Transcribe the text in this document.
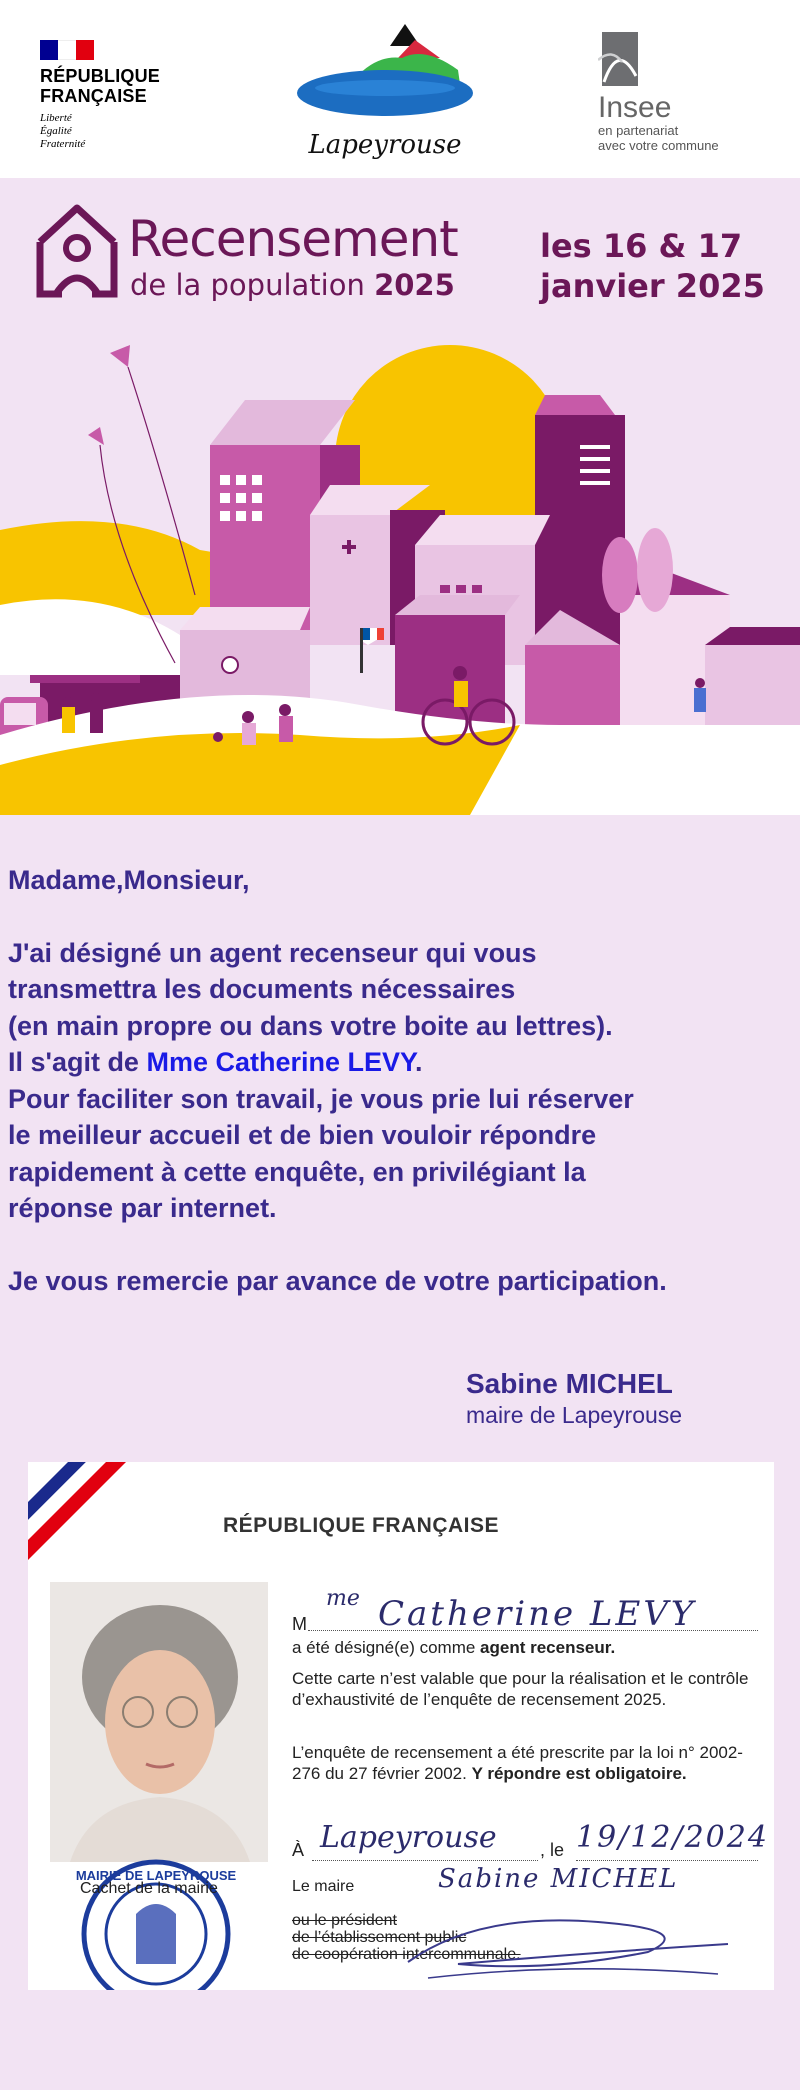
RÉPUBLIQUE
FRANÇAISE
Liberté
Égalité
Fraternité	Lapeyrouse
Insee
en partenariat
avec votre commune
Recensement
de la population 2025
les 16 & 17
janvier 2025

Madame,Monsieur,

J'ai désigné un agent recenseur qui vous

transmettra les documents nécessaires

(en main propre ou dans votre boite au lettres).

Il s'agit de Mme Catherine LEVY.

Pour faciliter son travail, je vous prie lui réserver

le meilleur accueil et de bien vouloir répondre

rapidement à cette enquête, en privilégiant la

réponse par internet.

Je vous remercie par avance de votre participation.

Sabine MICHEL
maire de Lapeyrouse
RÉPUBLIQUE FRANÇAISE
MAIRIE DE LAPEYROUSE
R.F.
Cachet de la mairie
M
me Catherine LEVY
a été désigné(e) comme agent recenseur.
Cette carte n’est valable que pour la réalisation et le contrôle d’exhaustivité de l’enquête de recensement 2025.
L’enquête de recensement a été prescrite par la loi n° 2002-276 du 27 février 2002. Y répondre est obligatoire.
À Lapeyrouse , le 19/12/2024
Le maire	Sabine MICHEL
ou le président
de l’établissement public
de coopération intercommunale.
